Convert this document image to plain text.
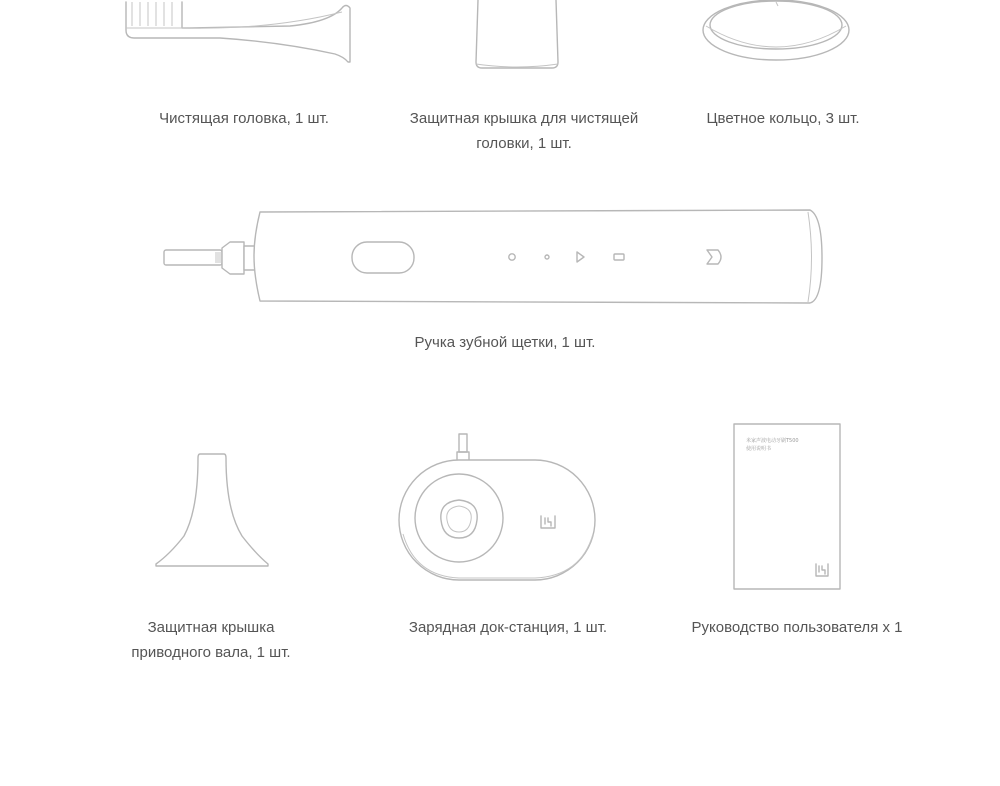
Чистящая головка, 1 шт.	Защитная крышка для чистящей
головки, 1 шт.
Цветное кольцо, 3 шт.
Ручка зубной щетки, 1 шт.
Защитная крышка
приводного вала, 1 шт.
Зарядная док-станция, 1 шт.
米家声波电动牙刷T500
使用说明书
Руководство пользователя x 1
